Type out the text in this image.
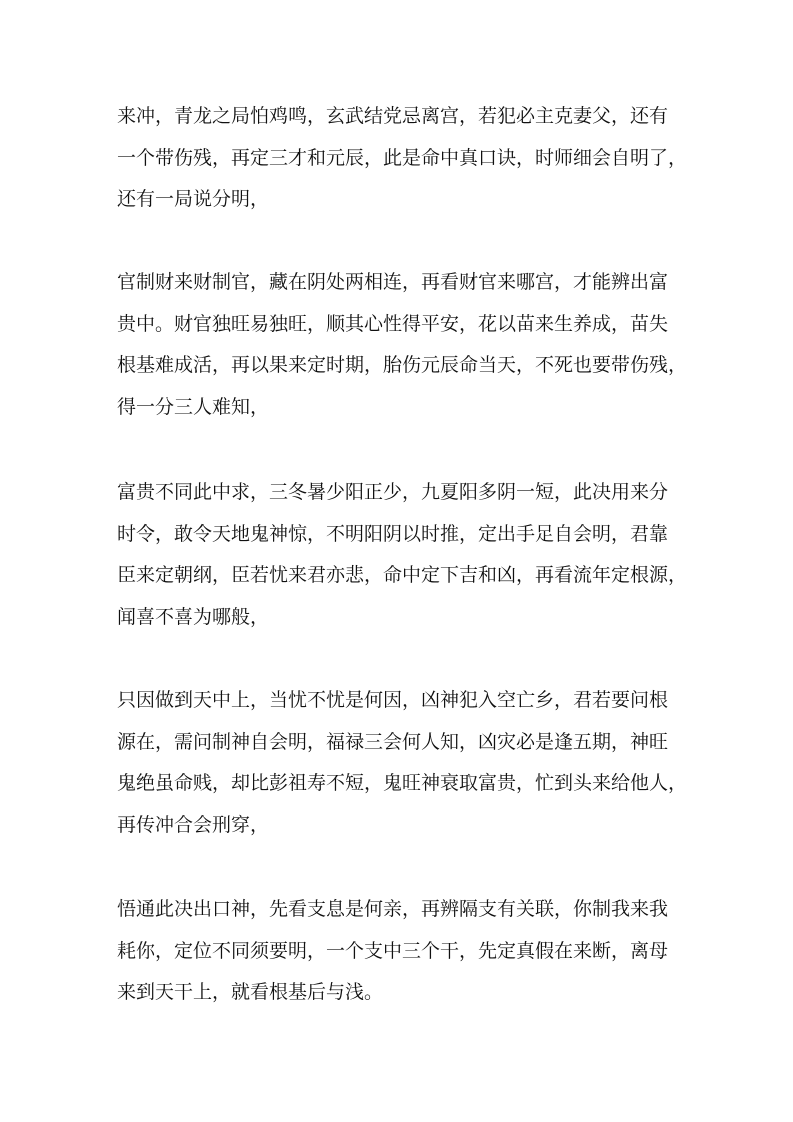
来冲，青龙之局怕鸡鸣，玄武结党忌离宫，若犯必主克妻父，还有
一个带伤残，再定三才和元辰，此是命中真口诀，时师细会自明了，
还有一局说分明，
官制财来财制官，藏在阴处两相连，再看财官来哪宫，才能辨出富
贵中。财官独旺易独旺，顺其心性得平安，花以苗来生养成，苗失
根基难成活，再以果来定时期，胎伤元辰命当天，不死也要带伤残，
得一分三人难知，
富贵不同此中求，三冬暑少阳正少，九夏阳多阴一短，此决用来分
时令，敢令天地鬼神惊，不明阳阴以时推，定出手足自会明，君靠
臣来定朝纲，臣若忧来君亦悲，命中定下吉和凶，再看流年定根源，
闻喜不喜为哪般，
只因做到天中上，当忧不忧是何因，凶神犯入空亡乡，君若要问根
源在，需问制神自会明，福禄三会何人知，凶灾必是逢五期，神旺
鬼绝虽命贱，却比彭祖寿不短，鬼旺神衰取富贵，忙到头来给他人，
再传冲合会刑穿，
悟通此决出口神，先看支息是何亲，再辨隔支有关联，你制我来我
耗你，定位不同须要明，一个支中三个干，先定真假在来断，离母
来到天干上，就看根基后与浅。
